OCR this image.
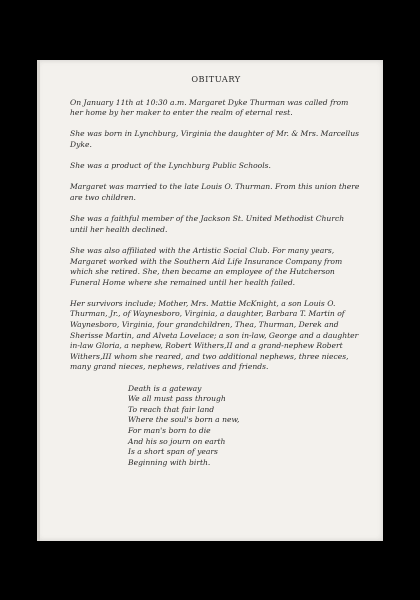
OBITUARY

On January 11th at 10:30 a.m. Margaret Dyke Thurman was called from her home by her maker to enter the realm of eternal rest.

She was born in Lynchburg, Virginia the daughter of Mr. & Mrs. Marcellus Dyke.

She was a product of the Lynchburg Public Schools.

Margaret was married to the late Louis O. Thurman. From this union there are two children.

She was a faithful member of the Jackson St. United Methodist Church until her health declined.

She was also affiliated with the Artistic Social Club. For many years, Margaret worked with the Southern Aid Life Insurance Company from which she retired. She, then became an employee of the Hutcherson Funeral Home where she remained until her health failed.

Her survivors include; Mother, Mrs. Mattie McKnight, a son Louis O. Thurman, Jr., of Waynesboro, Virginia, a daughter, Barbara T. Martin of Waynesboro, Virginia, four grandchildren, Thea, Thurman, Derek and Sherisse Martin, and Alveta Lovelace; a son in-law, George and a daughter in-law Gloria, a nephew, Robert Withers,II and a grand-nephew Robert Withers,III whom she reared, and two additional nephews, three nieces, many grand nieces, nephews, relatives and friends.

Death is a gateway
We all must pass through
To reach that fair land
Where the soul's born a new,
For man's born to die
And his so journ on earth
Is a short span of years
Beginning with birth.
